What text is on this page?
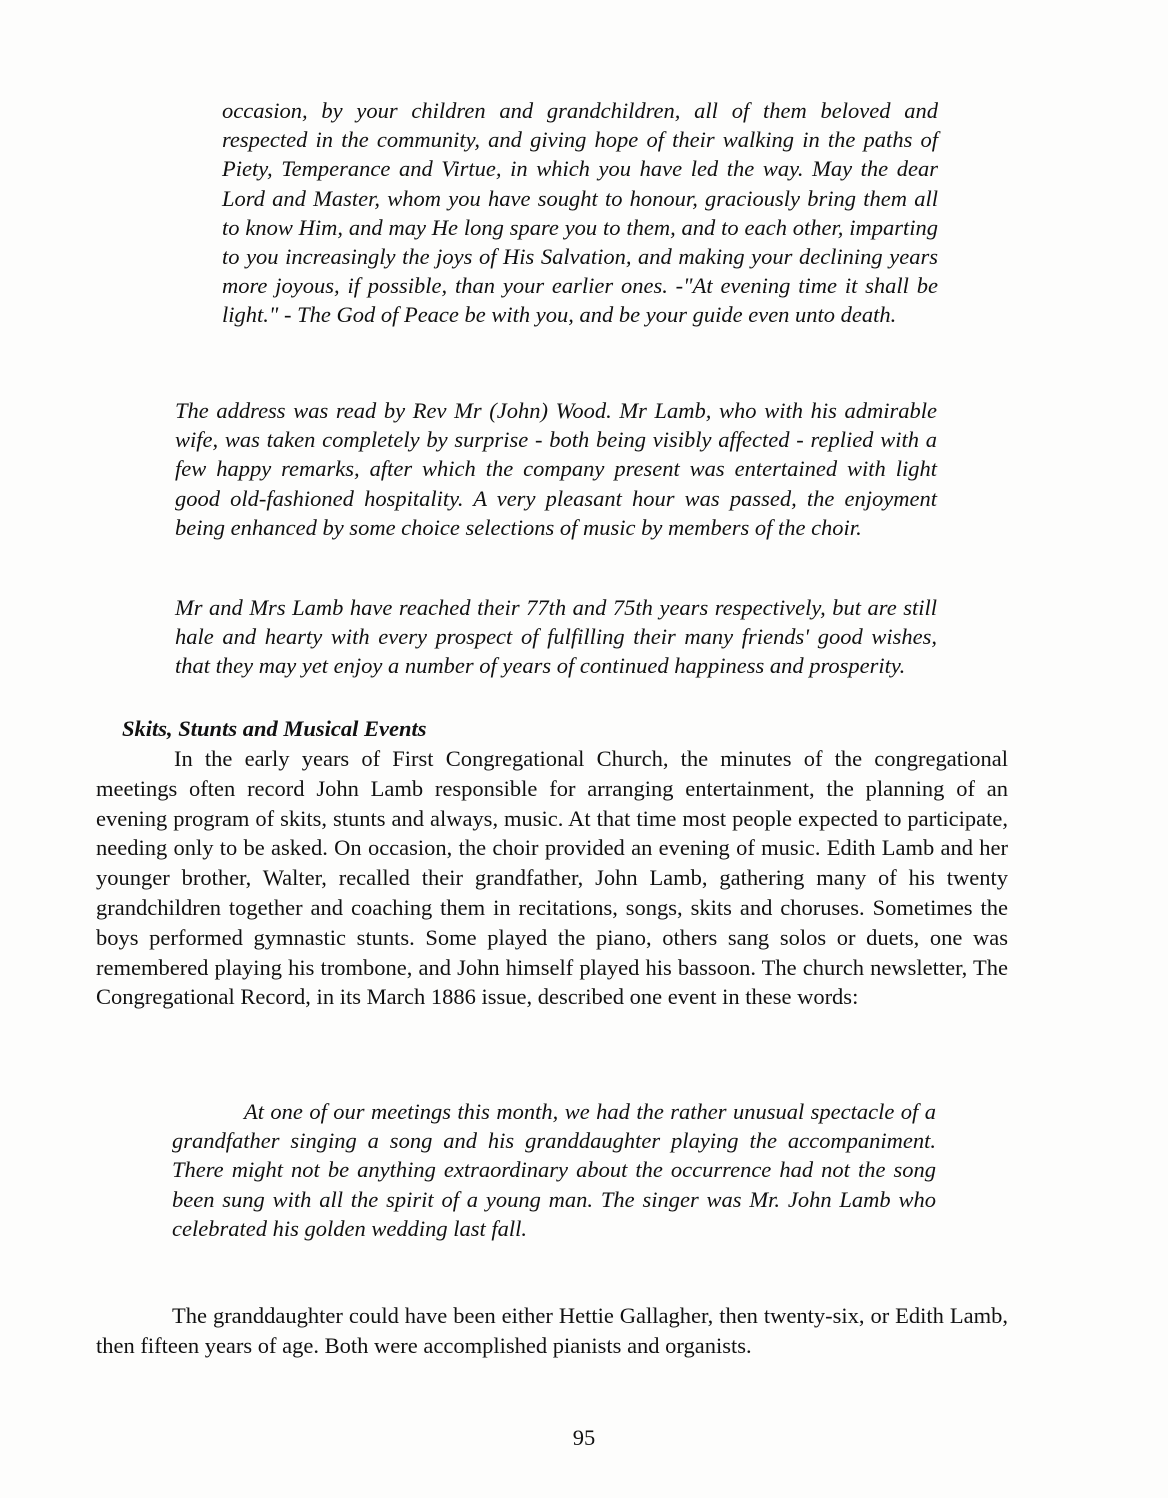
occasion, by your children and grandchildren, all of them beloved and respected in the community, and giving hope of their walking in the paths of Piety, Temperance and Virtue, in which you have led the way. May the dear Lord and Master, whom you have sought to honour, graciously bring them all to know Him, and may He long spare you to them, and to each other, imparting to you increasingly the joys of His Salvation, and making your declining years more joyous, if possible, than your earlier ones. -"At evening time it shall be light." - The God of Peace be with you, and be your guide even unto death.
The address was read by Rev Mr (John) Wood. Mr Lamb, who with his admirable wife, was taken completely by surprise - both being visibly affected - replied with a few happy remarks, after which the company present was entertained with light good old-fashioned hospitality. A very pleasant hour was passed, the enjoyment being enhanced by some choice selections of music by members of the choir.
Mr and Mrs Lamb have reached their 77th and 75th years respectively, but are still hale and hearty with every prospect of fulfilling their many friends' good wishes, that they may yet enjoy a number of years of continued happiness and prosperity.
Skits, Stunts and Musical Events
In the early years of First Congregational Church, the minutes of the congregational meetings often record John Lamb responsible for arranging entertainment, the planning of an evening program of skits, stunts and always, music. At that time most people expected to participate, needing only to be asked. On occasion, the choir provided an evening of music. Edith Lamb and her younger brother, Walter, recalled their grandfather, John Lamb, gathering many of his twenty grandchildren together and coaching them in recitations, songs, skits and choruses. Sometimes the boys performed gymnastic stunts. Some played the piano, others sang solos or duets, one was remembered playing his trombone, and John himself played his bassoon. The church newsletter, The Congregational Record, in its March 1886 issue, described one event in these words:
At one of our meetings this month, we had the rather unusual spectacle of a grandfather singing a song and his granddaughter playing the accompaniment. There might not be anything extraordinary about the occurrence had not the song been sung with all the spirit of a young man. The singer was Mr. John Lamb who celebrated his golden wedding last fall.
The granddaughter could have been either Hettie Gallagher, then twenty-six, or Edith Lamb, then fifteen years of age. Both were accomplished pianists and organists.
95
